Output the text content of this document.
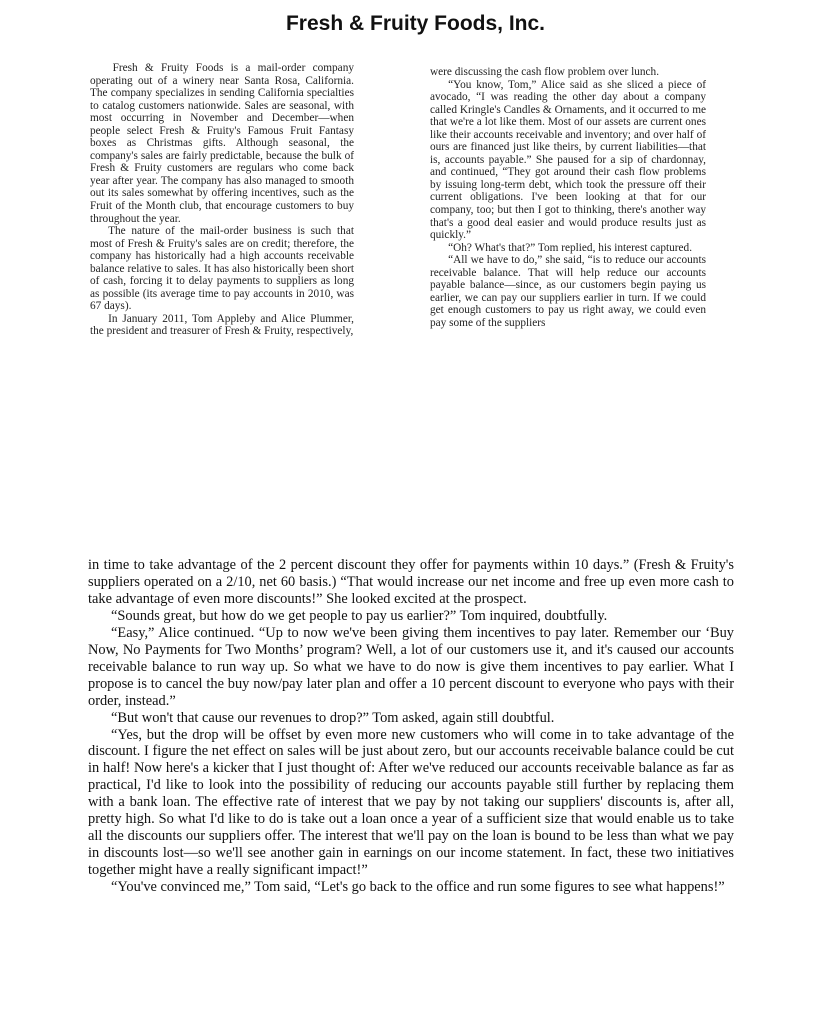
Fresh & Fruity Foods, Inc.

Fresh & Fruity Foods is a mail-order company operating out of a winery near Santa Rosa, California. The company specializes in sending California specialties to catalog customers nationwide. Sales are seasonal, with most occurring in November and December—when people select Fresh & Fruity's Famous Fruit Fantasy boxes as Christmas gifts. Although seasonal, the company's sales are fairly predictable, because the bulk of Fresh & Fruity customers are regulars who come back year after year. The company has also managed to smooth out its sales somewhat by offering incentives, such as the Fruit of the Month club, that encourage customers to buy throughout the year.

The nature of the mail-order business is such that most of Fresh & Fruity's sales are on credit; therefore, the company has historically had a high accounts receivable balance relative to sales. It has also historically been short of cash, forcing it to delay payments to suppliers as long as possible (its average time to pay accounts in 2010, was 67 days).

In January 2011, Tom Appleby and Alice Plummer, the president and treasurer of Fresh & Fruity, respectively,

were discussing the cash flow problem over lunch.

“You know, Tom,” Alice said as she sliced a piece of avocado, “I was reading the other day about a company called Kringle's Candles & Ornaments, and it occurred to me that we're a lot like them. Most of our assets are current ones like their accounts receivable and inventory; and over half of ours are financed just like theirs, by current liabilities—that is, accounts payable.” She paused for a sip of chardonnay, and continued, “They got around their cash flow problems by issuing long-term debt, which took the pressure off their current obligations. I've been looking at that for our company, too; but then I got to thinking, there's another way that's a good deal easier and would produce results just as quickly.”

“Oh? What's that?” Tom replied, his interest captured.

“All we have to do,” she said, “is to reduce our accounts receivable balance. That will help reduce our accounts payable balance—since, as our customers begin paying us earlier, we can pay our suppliers earlier in turn. If we could get enough customers to pay us right away, we could even pay some of the suppliers

in time to take advantage of the 2 percent discount they offer for payments within 10 days.” (Fresh & Fruity's suppliers operated on a 2/10, net 60 basis.) “That would increase our net income and free up even more cash to take advantage of even more discounts!” She looked excited at the prospect.

“Sounds great, but how do we get people to pay us earlier?” Tom inquired, doubtfully.

“Easy,” Alice continued. “Up to now we've been giving them incentives to pay later. Remember our ‘Buy Now, No Payments for Two Months’ program? Well, a lot of our customers use it, and it's caused our accounts receivable balance to run way up. So what we have to do now is give them incentives to pay earlier. What I propose is to cancel the buy now/pay later plan and offer a 10 percent discount to everyone who pays with their order, instead.”

“But won't that cause our revenues to drop?” Tom asked, again still doubtful.

“Yes, but the drop will be offset by even more new customers who will come in to take advantage of the discount. I figure the net effect on sales will be just about zero, but our accounts receivable balance could be cut in half! Now here's a kicker that I just thought of: After we've reduced our accounts receivable balance as far as practical, I'd like to look into the possibility of reducing our accounts payable still further by replacing them with a bank loan. The effective rate of interest that we pay by not taking our suppliers' discounts is, after all, pretty high. So what I'd like to do is take out a loan once a year of a sufficient size that would enable us to take all the discounts our suppliers offer. The interest that we'll pay on the loan is bound to be less than what we pay in discounts lost—so we'll see another gain in earnings on our income statement. In fact, these two initiatives together might have a really significant impact!”

“You've convinced me,” Tom said, “Let's go back to the office and run some figures to see what happens!”
